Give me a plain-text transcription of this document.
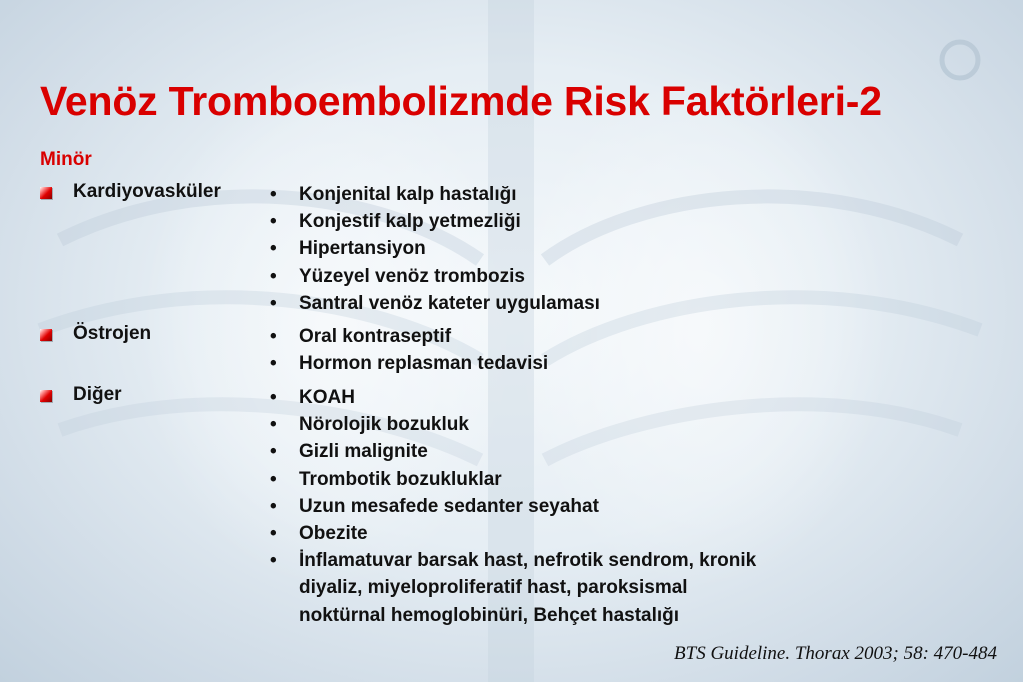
Venöz Tromboembolizmde Risk Faktörleri-2
Minör
Kardiyovasküler	• Konjenital kalp hastalığı
• Konjestif kalp yetmezliği
• Hipertansiyon
• Yüzeyel venöz trombozis
• Santral venöz kateter uygulaması
Östrojen	• Oral kontraseptif
• Hormon replasman tedavisi
Diğer	• KOAH
• Nörolojik bozukluk
• Gizli malignite
• Trombotik bozukluklar
• Uzun mesafede sedanter seyahat
• Obezite
• İnflamatuvar barsak hast, nefrotik sendrom, kronik
diyaliz, miyeloproliferatif hast, paroksismal
noktürnal hemoglobinüri, Behçet hastalığı
BTS Guideline. Thorax 2003; 58: 470-484
